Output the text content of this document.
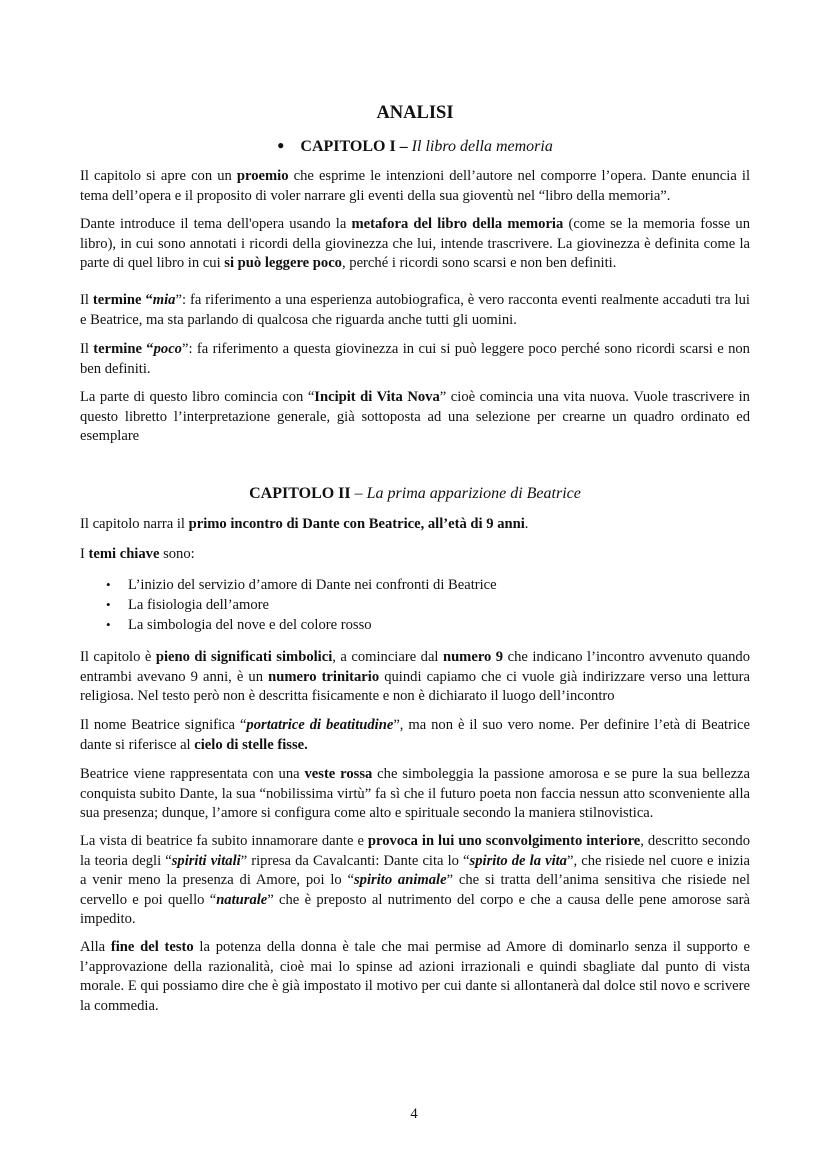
ANALISI
● CAPITOLO I – Il libro della memoria

Il capitolo si apre con un proemio che esprime le intenzioni dell’autore nel comporre l’opera. Dante enuncia il tema dell’opera e il proposito di voler narrare gli eventi della sua gioventù nel “libro della memoria”.

Dante introduce il tema dell'opera usando la metafora del libro della memoria (come se la memoria fosse un libro), in cui sono annotati i ricordi della giovinezza che lui, intende trascrivere. La giovinezza è definita come la parte di quel libro in cui si può leggere poco, perché i ricordi sono scarsi e non ben definiti.

Il termine “mia”: fa riferimento a una esperienza autobiografica, è vero racconta eventi realmente accaduti tra lui e Beatrice, ma sta parlando di qualcosa che riguarda anche tutti gli uomini.

Il termine “poco”: fa riferimento a questa giovinezza in cui si può leggere poco perché sono ricordi scarsi e non ben definiti.

La parte di questo libro comincia con “Incipit di Vita Nova” cioè comincia una vita nuova. Vuole trascrivere in questo libretto l’interpretazione generale, già sottoposta ad una selezione per crearne un quadro ordinato ed esemplare

CAPITOLO II – La prima apparizione di Beatrice

Il capitolo narra il primo incontro di Dante con Beatrice, all’età di 9 anni.

I temi chiave sono:

• L’inizio del servizio d’amore di Dante nei confronti di Beatrice
• La fisiologia dell’amore
• La simbologia del nove e del colore rosso

Il capitolo è pieno di significati simbolici, a cominciare dal numero 9 che indicano l’incontro avvenuto quando entrambi avevano 9 anni, è un numero trinitario quindi capiamo che ci vuole già indirizzare verso una lettura religiosa. Nel testo però non è descritta fisicamente e non è dichiarato il luogo dell’incontro

Il nome Beatrice significa “portatrice di beatitudine”, ma non è il suo vero nome. Per definire l’età di Beatrice dante si riferisce al cielo di stelle fisse.

Beatrice viene rappresentata con una veste rossa che simboleggia la passione amorosa e se pure la sua bellezza conquista subito Dante, la sua “nobilissima virtù” fa sì che il futuro poeta non faccia nessun atto sconveniente alla sua presenza; dunque, l’amore si configura come alto e spirituale secondo la maniera stilnovistica.

La vista di beatrice fa subito innamorare dante e provoca in lui uno sconvolgimento interiore, descritto secondo la teoria degli “spiriti vitali” ripresa da Cavalcanti: Dante cita lo “spirito de la vita”, che risiede nel cuore e inizia a venir meno la presenza di Amore, poi lo “spirito animale” che si tratta dell’anima sensitiva che risiede nel cervello e poi quello “naturale” che è preposto al nutrimento del corpo e che a causa delle pene amorose sarà impedito.

Alla fine del testo la potenza della donna è tale che mai permise ad Amore di dominarlo senza il supporto e l’approvazione della razionalità, cioè mai lo spinse ad azioni irrazionali e quindi sbagliate dal punto di vista morale. E qui possiamo dire che è già impostato il motivo per cui dante si allontanerà dal dolce stil novo e scrivere la commedia.

4
